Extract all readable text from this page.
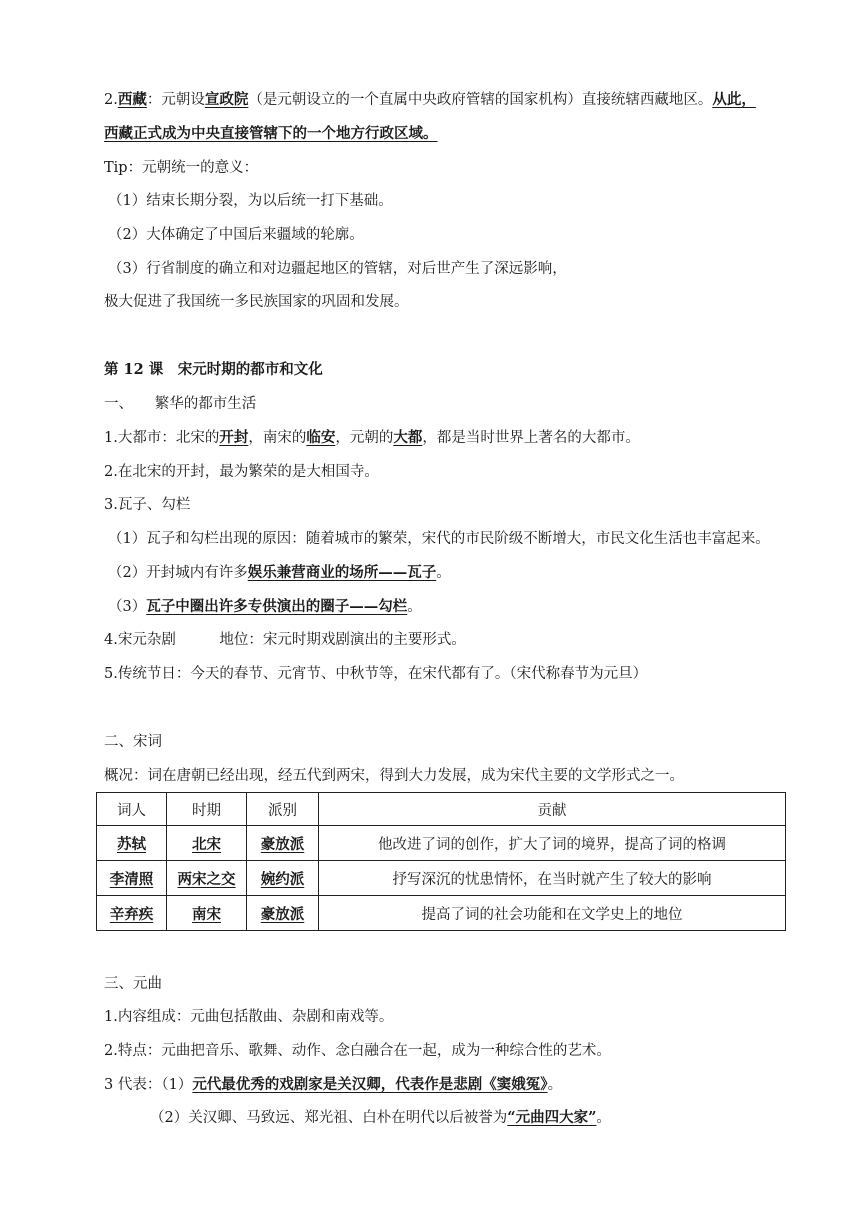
2.西藏：元朝设宣政院（是元朝设立的一个直属中央政府管辖的国家机构）直接统辖西藏地区。从此，
西藏正式成为中央直接管辖下的一个地方行政区域。
Tip：元朝统一的意义：
（1）结束长期分裂，为以后统一打下基础。
（2）大体确定了中国后来疆域的轮廓。
（3）行省制度的确立和对边疆起地区的管辖，对后世产生了深远影响，
极大促进了我国统一多民族国家的巩固和发展。
第 12 课　宋元时期的都市和文化
一、　　繁华的都市生活
1.大都市：北宋的开封，南宋的临安，元朝的大都，都是当时世界上著名的大都市。
2.在北宋的开封，最为繁荣的是大相国寺。
3.瓦子、勾栏
（1）瓦子和勾栏出现的原因：随着城市的繁荣，宋代的市民阶级不断增大，市民文化生活也丰富起来。
（2）开封城内有许多娱乐兼营商业的场所——瓦子。
（3）瓦子中圈出许多专供演出的圈子——勾栏。
4.宋元杂剧　　　地位：宋元时期戏剧演出的主要形式。
5.传统节日：今天的春节、元宵节、中秋节等，在宋代都有了。（宋代称春节为元旦）
二、宋词
概况：词在唐朝已经出现，经五代到两宋，得到大力发展，成为宋代主要的文学形式之一。
词人	时期	派别	贡献
苏轼	北宋	豪放派	他改进了词的创作，扩大了词的境界，提高了词的格调
李清照	两宋之交	婉约派	抒写深沉的忧患情怀，在当时就产生了较大的影响
辛弃疾	南宋	豪放派	提高了词的社会功能和在文学史上的地位
三、元曲
1.内容组成：元曲包括散曲、杂剧和南戏等。
2.特点：元曲把音乐、歌舞、动作、念白融合在一起，成为一种综合性的艺术。
3 代表：（1）元代最优秀的戏剧家是关汉卿，代表作是悲剧《窦娥冤》。
（2）关汉卿、马致远、郑光祖、白朴在明代以后被誉为“元曲四大家”。
